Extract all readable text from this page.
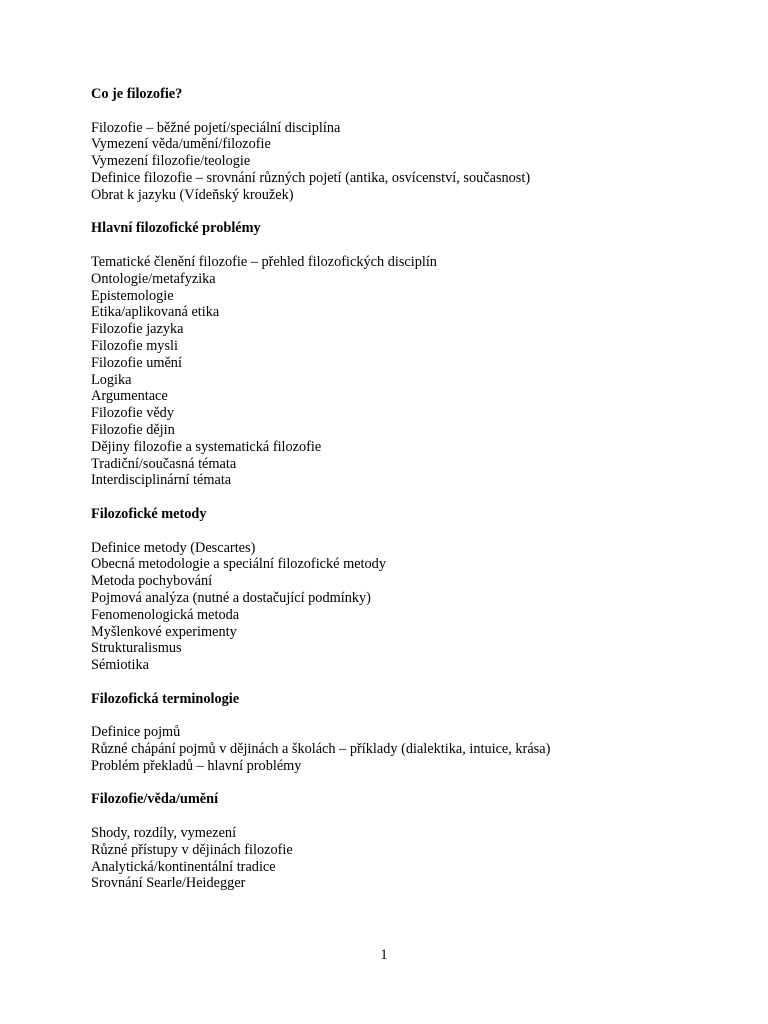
Co je filozofie?
Filozofie – běžné pojetí/speciální disciplína
Vymezení věda/umění/filozofie
Vymezení filozofie/teologie
Definice filozofie – srovnání různých pojetí (antika, osvícenství, současnost)
Obrat k jazyku (Vídeňský kroužek)
Hlavní filozofické problémy
Tematické členění filozofie – přehled filozofických disciplín
Ontologie/metafyzika
Epistemologie
Etika/aplikovaná etika
Filozofie jazyka
Filozofie mysli
Filozofie umění
Logika
Argumentace
Filozofie vědy
Filozofie dějin
Dějiny filozofie a systematická filozofie
Tradiční/současná témata
Interdisciplinární témata
Filozofické metody
Definice metody (Descartes)
Obecná metodologie a speciální filozofické metody
Metoda pochybování
Pojmová analýza (nutné a dostačující podmínky)
Fenomenologická metoda
Myšlenkové experimenty
Strukturalismus
Sémiotika
Filozofická terminologie
Definice pojmů
Různé chápání pojmů v dějinách a školách – příklady (dialektika, intuice, krása)
Problém překladů – hlavní problémy
Filozofie/věda/umění
Shody, rozdíly, vymezení
Různé přístupy v dějinách filozofie
Analytická/kontinentální tradice
Srovnání Searle/Heidegger
1
